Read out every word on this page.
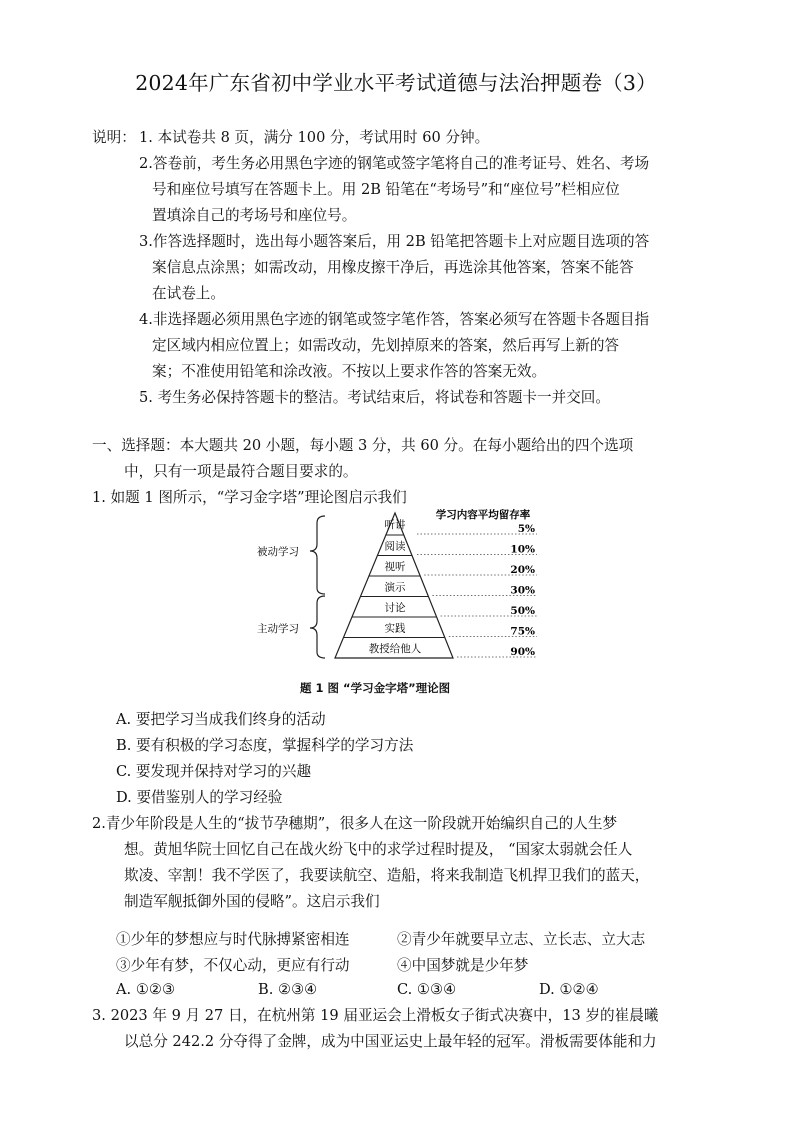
2024年广东省初中学业水平考试道德与法治押题卷（3）
说明： 1. 本试卷共 8 页，满分 100 分，考试用时 60 分钟。
2.答卷前，考生务必用黑色字迹的钢笔或签字笔将自己的准考证号、姓名、考场
号和座位号填写在答题卡上。用 2B 铅笔在“考场号”和“座位号”栏相应位
置填涂自己的考场号和座位号。
3.作答选择题时，选出每小题答案后，用 2B 铅笔把答题卡上对应题目选项的答
案信息点涂黑；如需改动，用橡皮擦干净后，再选涂其他答案，答案不能答
在试卷上。
4.非选择题必须用黑色字迹的钢笔或签字笔作答，答案必须写在答题卡各题目指
定区域内相应位置上；如需改动，先划掉原来的答案，然后再写上新的答
案；不准使用铅笔和涂改液。不按以上要求作答的答案无效。
5. 考生务必保持答题卡的整洁。考试结束后，将试卷和答题卡一并交回。
一、选择题：本大题共 20 小题，每小题 3 分，共 60 分。在每小题给出的四个选项
中，只有一项是最符合题目要求的。
1. 如题 1 图所示，“学习金字塔”理论图启示我们
学习内容平均留存率
被动学习
主动学习
听讲
阅读
视听
演示
讨论
实践
教授给他人
5%
10%
20%
30%
50%
75%
90%
题 1 图 “学习金字塔”理论图
A. 要把学习当成我们终身的活动
B. 要有积极的学习态度，掌握科学的学习方法
C. 要发现并保持对学习的兴趣
D. 要借鉴别人的学习经验
2.青少年阶段是人生的“拔节孕穗期”，很多人在这一阶段就开始编织自己的人生梦
想。黄旭华院士回忆自己在战火纷飞中的求学过程时提及， “国家太弱就会任人
欺凌、宰割！我不学医了，我要读航空、造船，将来我制造飞机捍卫我们的蓝天，
制造军舰抵御外国的侵略”。这启示我们
①少年的梦想应与时代脉搏紧密相连	②青少年就要早立志、立长志、立大志
③少年有梦，不仅心动，更应有行动	④中国梦就是少年梦
A. ①②③	B. ②③④	C. ①③④	D. ①②④
3. 2023 年 9 月 27 日，在杭州第 19 届亚运会上滑板女子街式决赛中，13 岁的崔晨曦
以总分 242.2 分夺得了金牌，成为中国亚运史上最年轻的冠军。滑板需要体能和力
